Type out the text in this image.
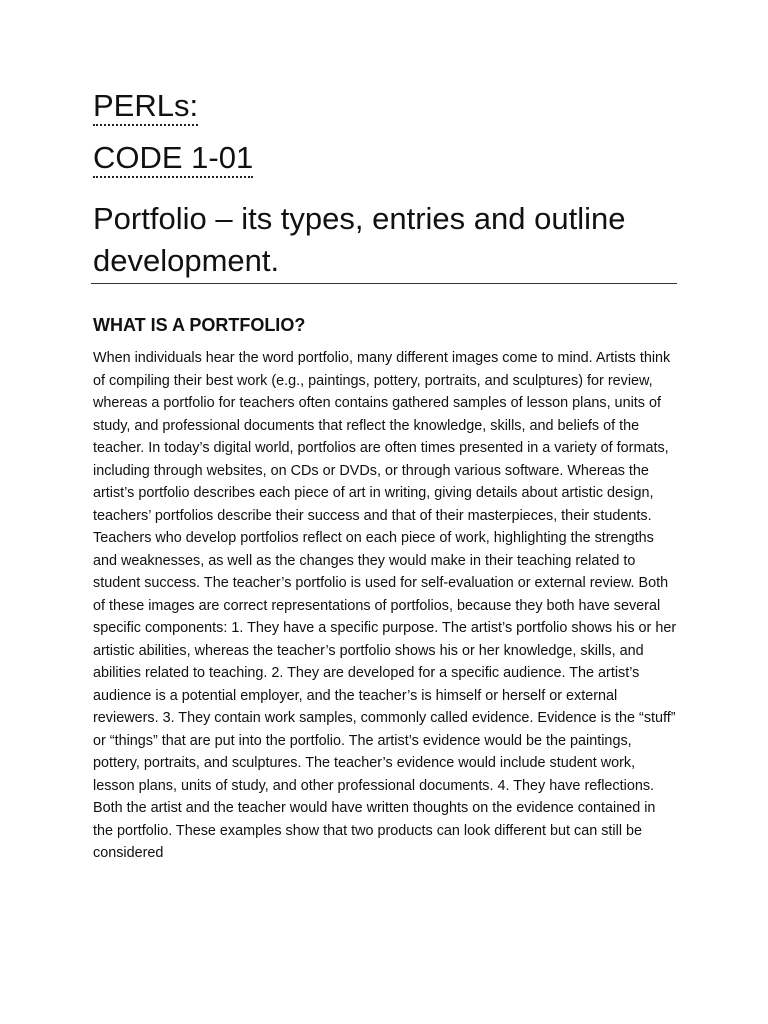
PERLs:
CODE 1-01
Portfolio – its types, entries and outline development.
WHAT IS A PORTFOLIO?

When individuals hear the word portfolio, many different images come to mind. Artists think of compiling their best work (e.g., paintings, pottery, portraits, and sculptures) for review, whereas a portfolio for teachers often contains gathered samples of lesson plans, units of study, and professional documents that reflect the knowledge, skills, and beliefs of the teacher. In today’s digital world, portfolios are often times presented in a variety of formats, including through websites, on CDs or DVDs, or through various software. Whereas the artist’s portfolio describes each piece of art in writing, giving details about artistic design, teachers’ portfolios describe their success and that of their masterpieces, their students. Teachers who develop portfolios reflect on each piece of work, highlighting the strengths and weaknesses, as well as the changes they would make in their teaching related to student success. The teacher’s portfolio is used for self-evaluation or external review. Both of these images are correct representations of portfolios, because they both have several specific components: 1. They have a specific purpose. The artist’s portfolio shows his or her artistic abilities, whereas the teacher’s portfolio shows his or her knowledge, skills, and abilities related to teaching. 2. They are developed for a specific audience. The artist’s audience is a potential employer, and the teacher’s is himself or herself or external reviewers. 3. They contain work samples, commonly called evidence. Evidence is the “stuff” or “things” that are put into the portfolio. The artist’s evidence would be the paintings, pottery, portraits, and sculptures. The teacher’s evidence would include student work, lesson plans, units of study, and other professional documents. 4. They have reflections. Both the artist and the teacher would have written thoughts on the evidence contained in the portfolio. These examples show that two products can look different but can still be considered
